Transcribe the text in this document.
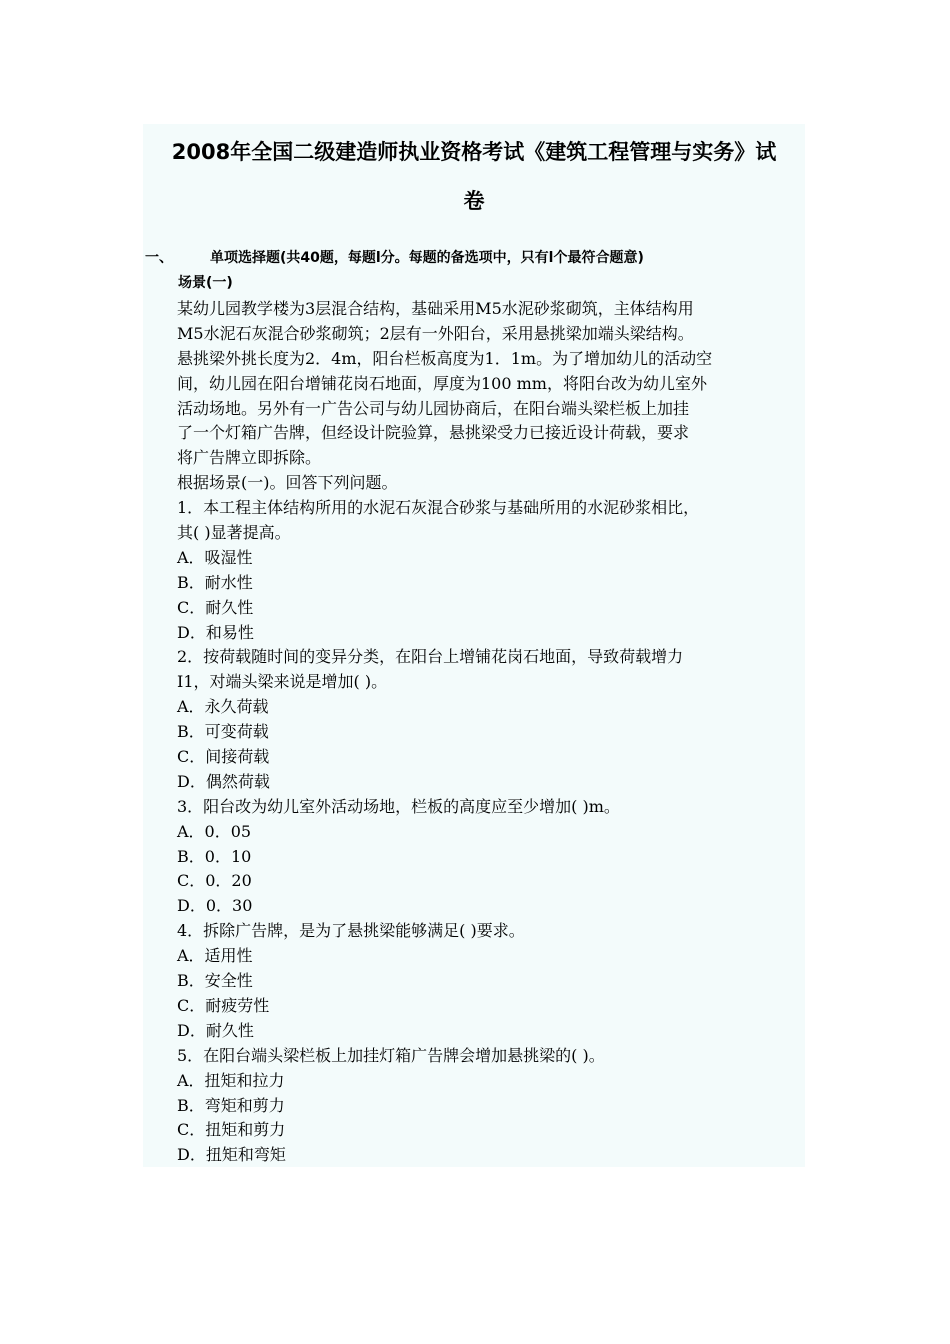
2008年全国二级建造师执业资格考试《建筑工程管理与实务》试
卷
一、	单项选择题(共40题，每题l分。每题的备选项中，只有l个最符合题意)
场景(一)
某幼儿园教学楼为3层混合结构，基础采用M5水泥砂浆砌筑，主体结构用
M5水泥石灰混合砂浆砌筑；2层有一外阳台，采用悬挑梁加端头梁结构。
悬挑梁外挑长度为2．4m，阳台栏板高度为1．1m。为了增加幼儿的活动空
间，幼儿园在阳台增铺花岗石地面，厚度为100 mm，将阳台改为幼儿室外
活动场地。另外有一广告公司与幼儿园协商后，在阳台端头梁栏板上加挂
了一个灯箱广告牌，但经设计院验算，悬挑梁受力已接近设计荷载，要求
将广告牌立即拆除。
根据场景(一)。回答下列问题。
1．本工程主体结构所用的水泥石灰混合砂浆与基础所用的水泥砂浆相比，
其( )显著提高。
A．吸湿性
B．耐水性
C．耐久性
D．和易性
2．按荷载随时间的变异分类，在阳台上增铺花岗石地面，导致荷载增力
I1，对端头梁来说是增加( )。
A．永久荷载
B．可变荷载
C．间接荷载
D．偶然荷载
3．阳台改为幼儿室外活动场地，栏板的高度应至少增加( )m。
A．0．05
B．0．10
C．0．20
D．0．30
4．拆除广告牌，是为了悬挑梁能够满足( )要求。
A．适用性
B．安全性
C．耐疲劳性
D．耐久性
5．在阳台端头梁栏板上加挂灯箱广告牌会增加悬挑梁的( )。
A．扭矩和拉力
B．弯矩和剪力
C．扭矩和剪力
D．扭矩和弯矩
